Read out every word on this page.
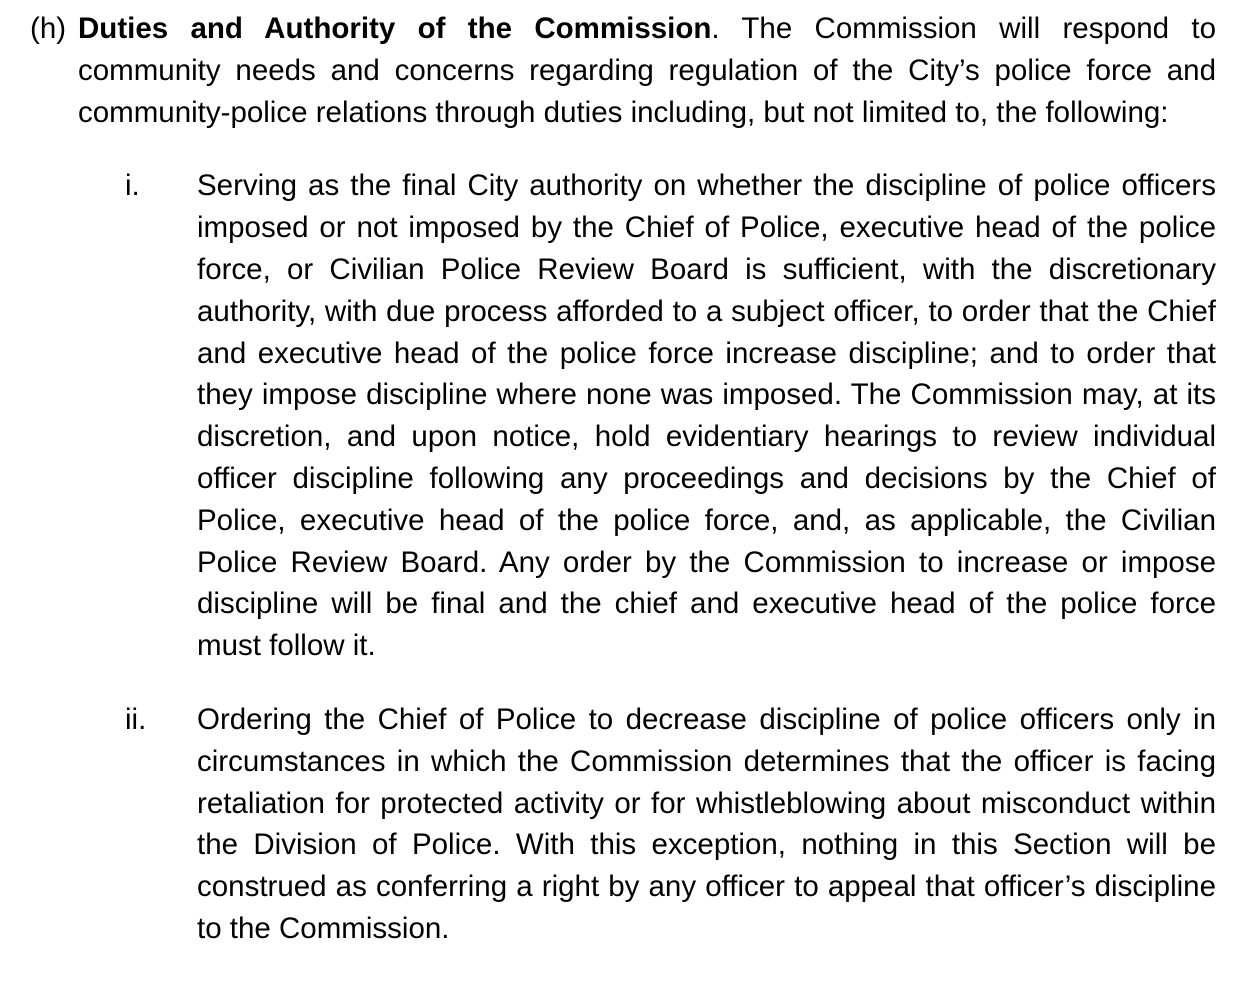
(h) Duties and Authority of the Commission. The Commission will respond to community needs and concerns regarding regulation of the City’s police force and community-police relations through duties including, but not limited to, the following:
i. Serving as the final City authority on whether the discipline of police officers imposed or not imposed by the Chief of Police, executive head of the police force, or Civilian Police Review Board is sufficient, with the discretionary authority, with due process afforded to a subject officer, to order that the Chief and executive head of the police force increase discipline; and to order that they impose discipline where none was imposed. The Commission may, at its discretion, and upon notice, hold evidentiary hearings to review individual officer discipline following any proceedings and decisions by the Chief of Police, executive head of the police force, and, as applicable, the Civilian Police Review Board. Any order by the Commission to increase or impose discipline will be final and the chief and executive head of the police force must follow it.
ii. Ordering the Chief of Police to decrease discipline of police officers only in circumstances in which the Commission determines that the officer is facing retaliation for protected activity or for whistleblowing about misconduct within the Division of Police. With this exception, nothing in this Section will be construed as conferring a right by any officer to appeal that officer’s discipline to the Commission.
